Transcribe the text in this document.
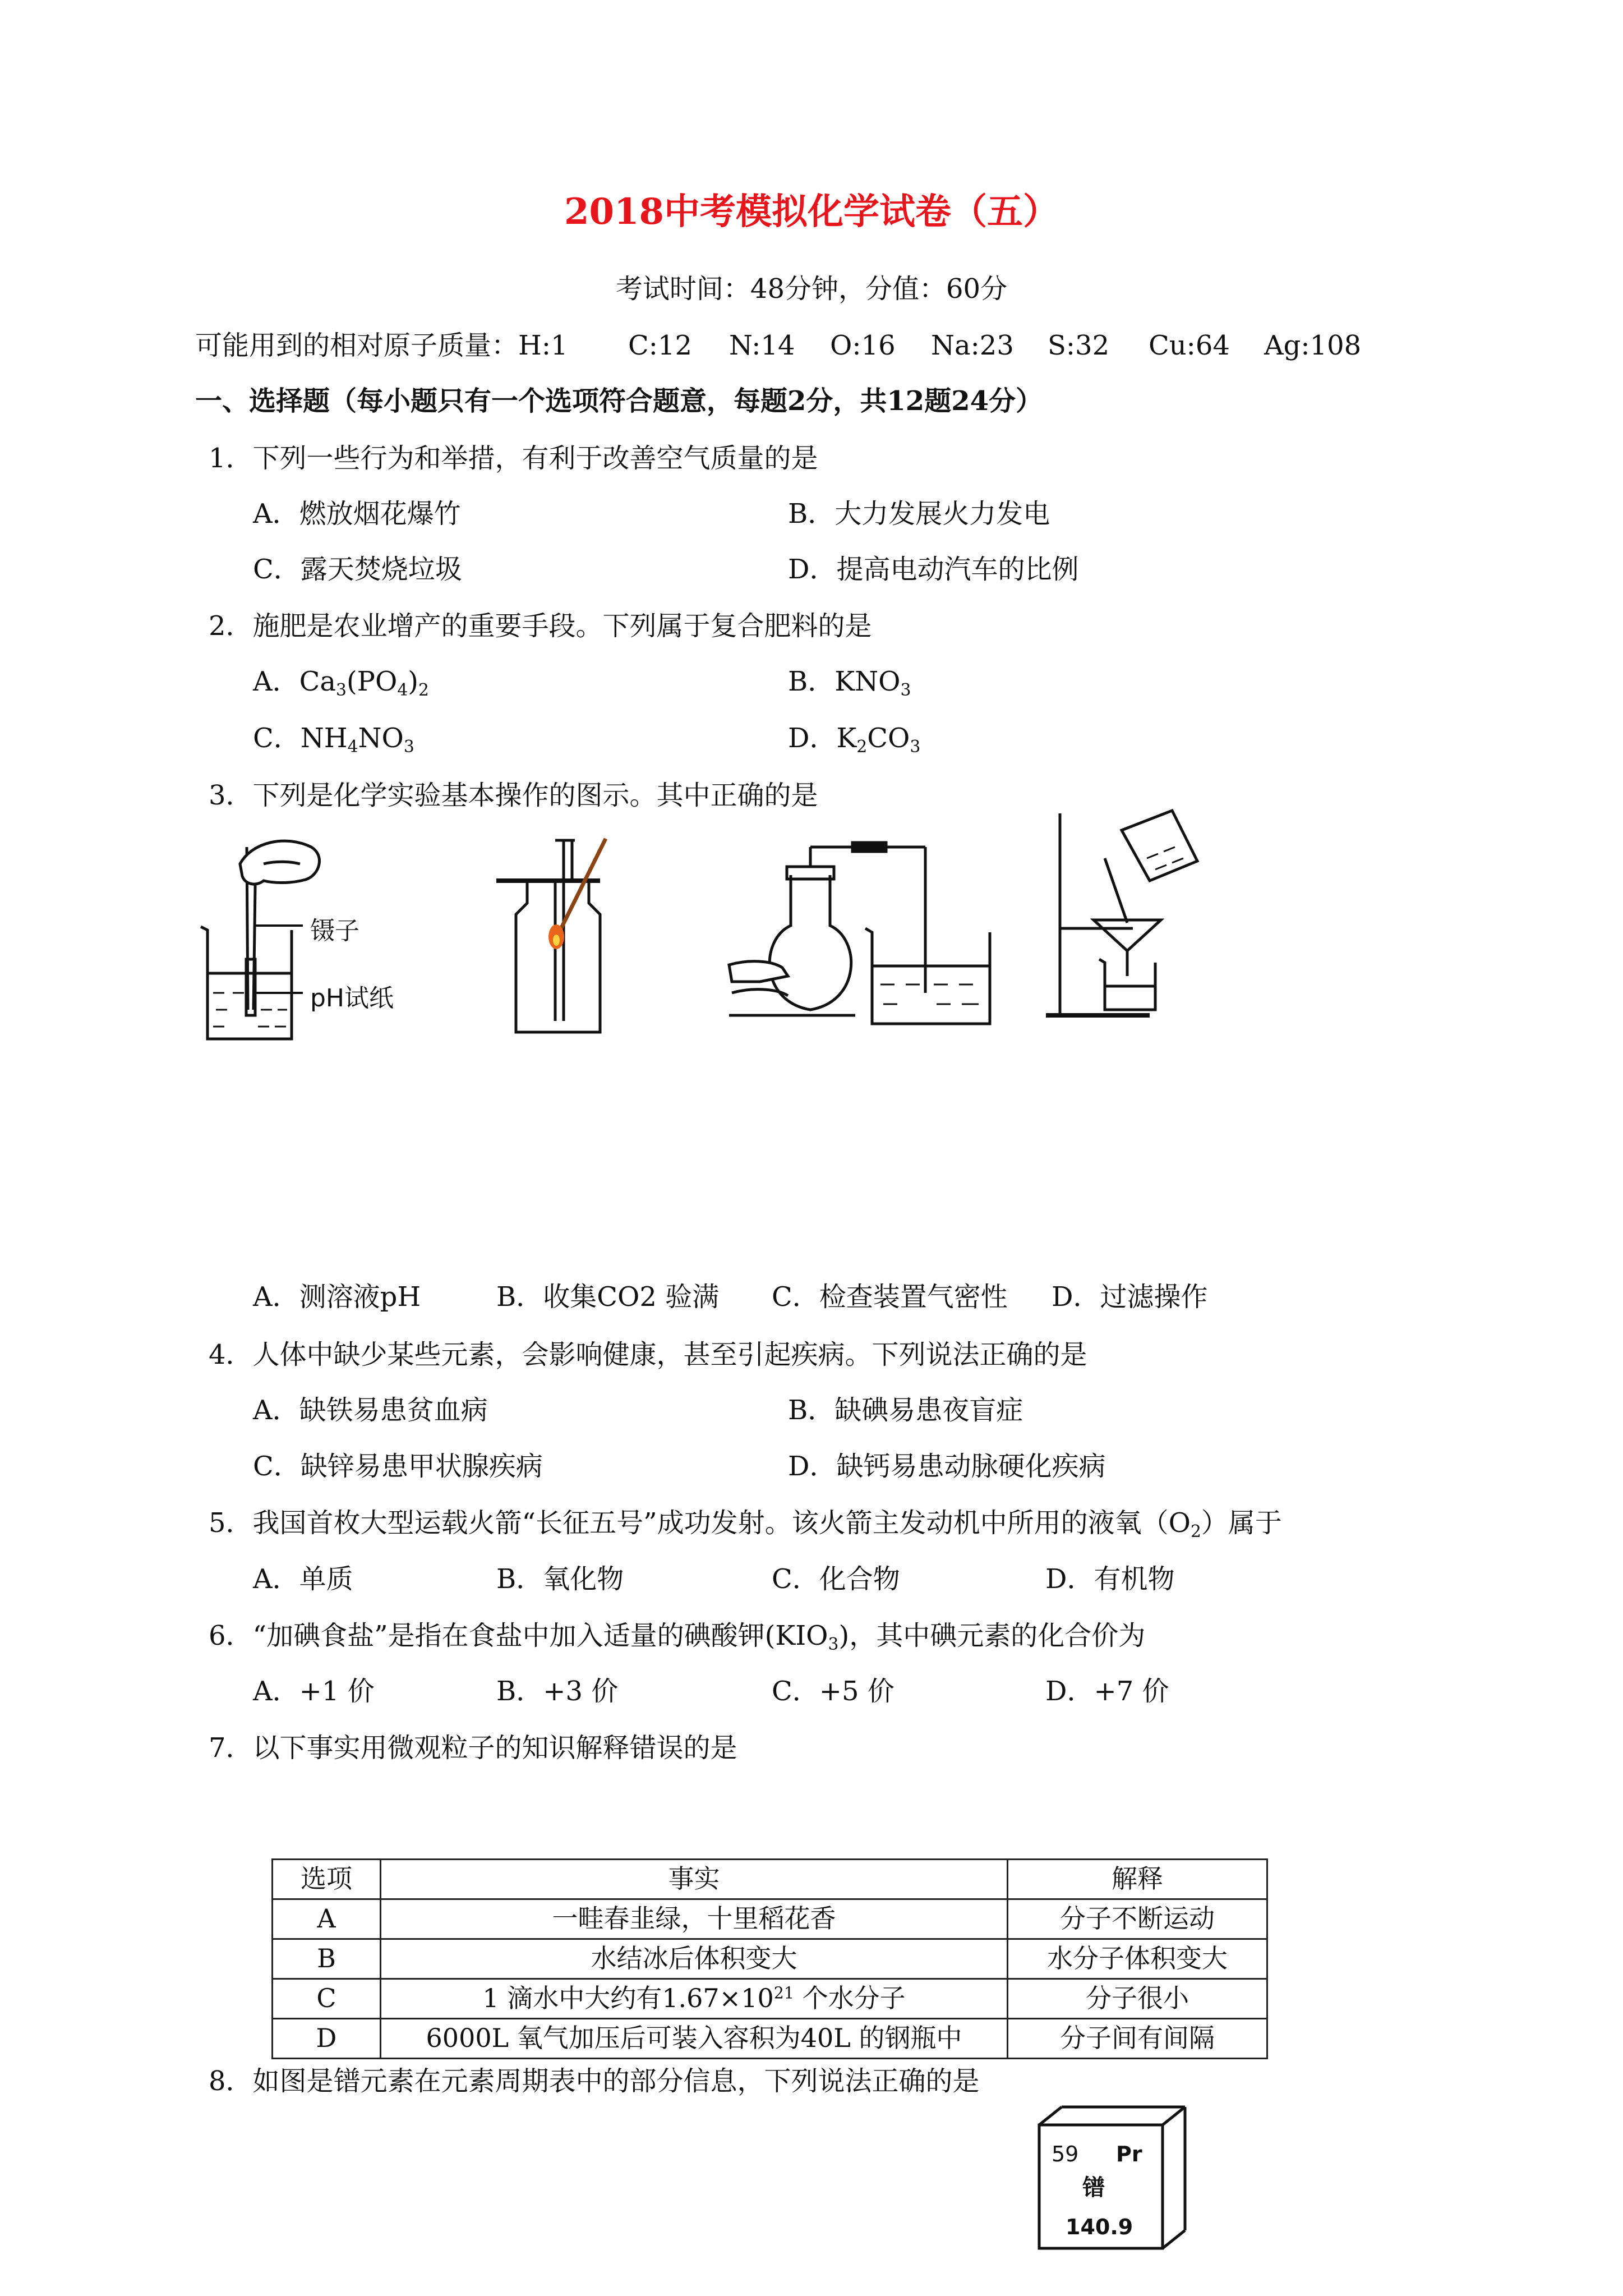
2018中考模拟化学试卷（五）
考试时间：48分钟，分值：60分
可能用到的相对原子质量：H:1 C:12 N:14 O:16 Na:23 S:32 Cu:64 Ag:108
一、选择题（每小题只有一个选项符合题意，每题2分，共12题24分）
1．下列一些行为和举措，有利于改善空气质量的是
A．燃放烟花爆竹	B．大力发展火力发电
C．露天焚烧垃圾	D．提高电动汽车的比例
2．施肥是农业增产的重要手段。下列属于复合肥料的是
A．$Ca_3(PO_4)_2$	B．$KNO_3$
C．$NH_4NO_3$	D．$K_2CO_3$
3．下列是化学实验基本操作的图示。其中正确的是
镊子
pH试纸
A．测溶液pH	B．收集CO2 验满 C．检查装置气密性 D．过滤操作
4．人体中缺少某些元素，会影响健康，甚至引起疾病。下列说法正确的是
A．缺铁易患贫血病	B．缺碘易患夜盲症
C．缺锌易患甲状腺疾病	D．缺钙易患动脉硬化疾病
5．我国首枚大型运载火箭“长征五号”成功发射。该火箭主发动机中所用的液氧$(O_2)$属于
A．单质	B．氧化物	C．化合物	D．有机物
6．“加碘食盐”是指在食盐中加入适量的碘酸钾$(KIO_3)$，其中碘元素的化合价为
A．+1 价	B．+3 价	C．+5 价	D．+7 价
7．以下事实用微观粒子的知识解释错误的是
选项	事实	解释
A	一畦春韭绿，十里稻花香	分子不断运动
B	水结冰后体积变大	水分子体积变大
C	1 滴水中大约有$1.67\times 10^{21}$ 个水分子	分子很小
D	6000L 氧气加压后可装入容积为40L 的钢瓶中	分子间有间隔
8．如图是镨元素在元素周期表中的部分信息，下列说法正确的是
59 Pr
镨
140.9
